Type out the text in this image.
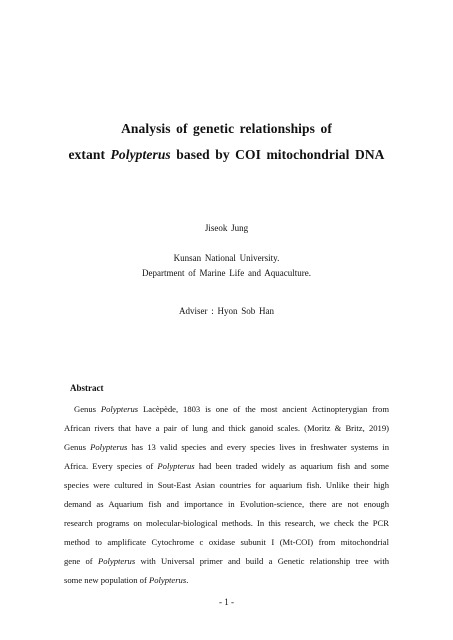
Analysis of genetic relationships of
extant Polypterus based by COI mitochondrial DNA
Jiseok Jung
Kunsan National University.
Department of Marine Life and Aquaculture.
Adviser : Hyon Sob Han
Abstract
Genus Polypterus Lacèpède, 1803 is one of the most ancient Actinopterygian from
African rivers that have a pair of lung and thick ganoid scales. (Moritz & Britz, 2019)
Genus Polypterus has 13 valid species and every species lives in freshwater systems in
Africa. Every species of Polypterus had been traded widely as aquarium fish and some
species were cultured in Sout-East Asian countries for aquarium fish. Unlike their high
demand as Aquarium fish and importance in Evolution-science, there are not enough
research programs on molecular-biological methods. In this research, we check the PCR
method to amplificate Cytochrome c oxidase subunit I (Mt-COI) from mitochondrial
gene of Polypterus with Universal primer and build a Genetic relationship tree with
some new population of Polypterus.
- 1 -
